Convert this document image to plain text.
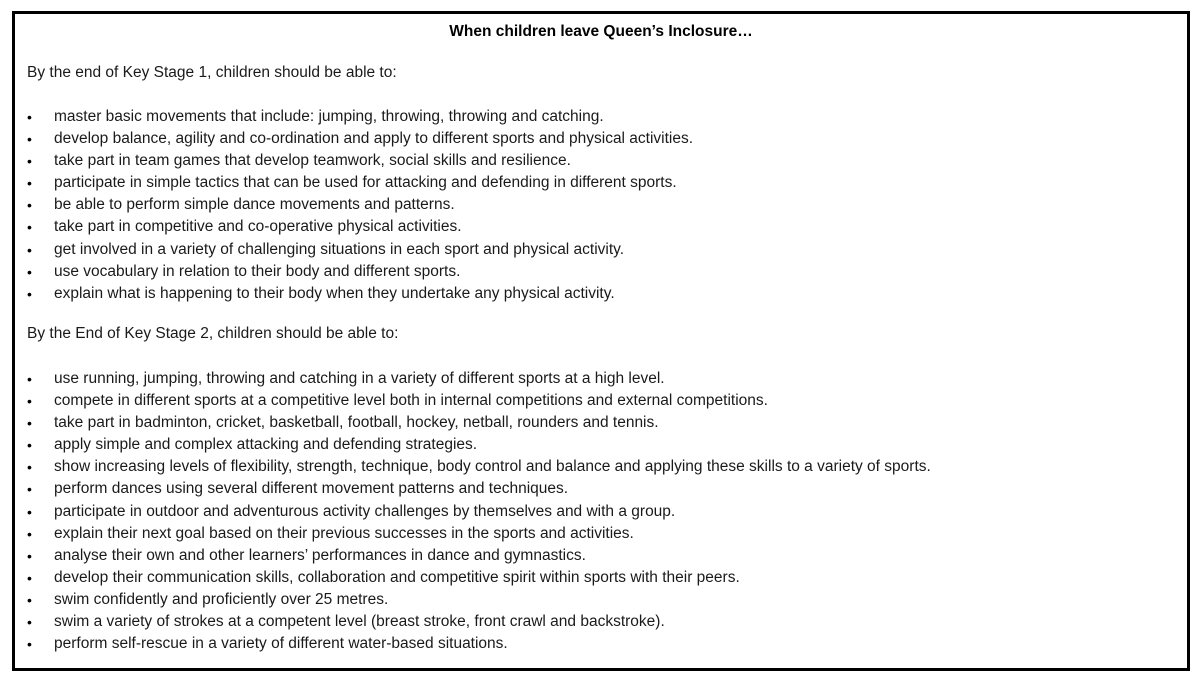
When children leave Queen’s Inclosure…

By the end of Key Stage 1, children should be able to:

• master basic movements that include: jumping, throwing, throwing and catching.
• develop balance, agility and co-ordination and apply to different sports and physical activities.
• take part in team games that develop teamwork, social skills and resilience.
• participate in simple tactics that can be used for attacking and defending in different sports.
• be able to perform simple dance movements and patterns.
• take part in competitive and co-operative physical activities.
• get involved in a variety of challenging situations in each sport and physical activity.
• use vocabulary in relation to their body and different sports.
• explain what is happening to their body when they undertake any physical activity.

By the End of Key Stage 2, children should be able to:

• use running, jumping, throwing and catching in a variety of different sports at a high level.
• compete in different sports at a competitive level both in internal competitions and external competitions.
• take part in badminton, cricket, basketball, football, hockey, netball, rounders and tennis.
• apply simple and complex attacking and defending strategies.
• show increasing levels of flexibility, strength, technique, body control and balance and applying these skills to a variety of sports.
• perform dances using several different movement patterns and techniques.
• participate in outdoor and adventurous activity challenges by themselves and with a group.
• explain their next goal based on their previous successes in the sports and activities.
• analyse their own and other learners’ performances in dance and gymnastics.
• develop their communication skills, collaboration and competitive spirit within sports with their peers.
• swim confidently and proficiently over 25 metres.
• swim a variety of strokes at a competent level (breast stroke, front crawl and backstroke).
• perform self-rescue in a variety of different water-based situations.
